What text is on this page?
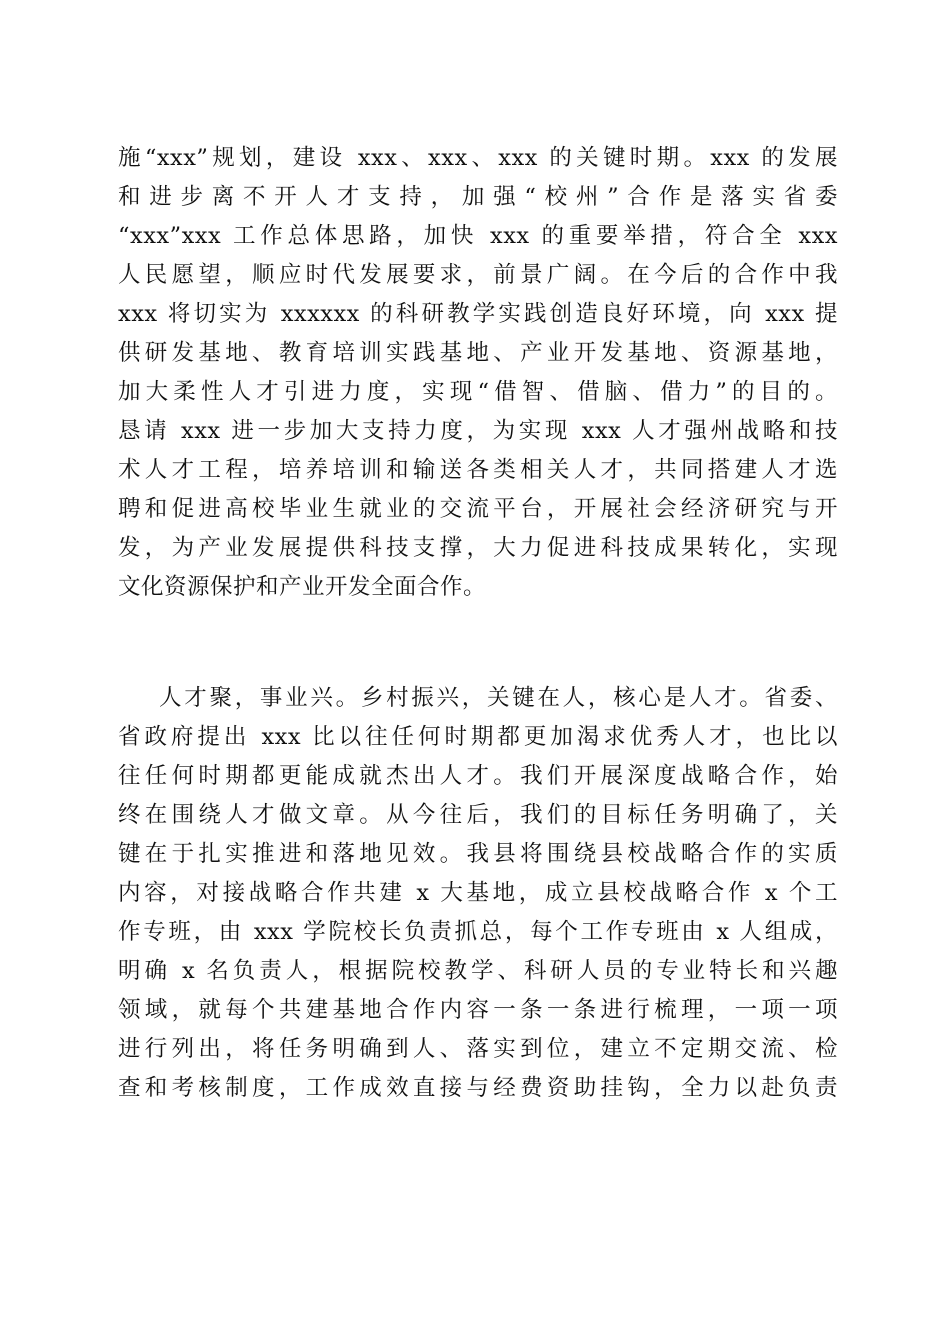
施“xxx”规划，建设 xxx、xxx、xxx 的关键时期。xxx 的发展
和进步离不开人才支持，加强“校州”合作是落实省委
“xxx”xxx 工作总体思路，加快 xxx 的重要举措，符合全 xxx
人民愿望，顺应时代发展要求，前景广阔。在今后的合作中我
xxx 将切实为 xxxxxx 的科研教学实践创造良好环境，向 xxx 提
供研发基地、教育培训实践基地、产业开发基地、资源基地，
加大柔性人才引进力度，实现“借智、借脑、借力”的目的。
恳请 xxx 进一步加大支持力度，为实现 xxx 人才强州战略和技
术人才工程，培养培训和输送各类相关人才，共同搭建人才选
聘和促进高校毕业生就业的交流平台，开展社会经济研究与开
发，为产业发展提供科技支撑，大力促进科技成果转化，实现
文化资源保护和产业开发全面合作。
人才聚，事业兴。乡村振兴，关键在人，核心是人才。省委、
省政府提出 xxx 比以往任何时期都更加渴求优秀人才，也比以
往任何时期都更能成就杰出人才。我们开展深度战略合作，始
终在围绕人才做文章。从今往后，我们的目标任务明确了，关
键在于扎实推进和落地见效。我县将围绕县校战略合作的实质
内容，对接战略合作共建 x 大基地，成立县校战略合作 x 个工
作专班，由 xxx 学院校长负责抓总，每个工作专班由 x 人组成，
明确 x 名负责人，根据院校教学、科研人员的专业特长和兴趣
领域，就每个共建基地合作内容一条一条进行梳理，一项一项
进行列出，将任务明确到人、落实到位，建立不定期交流、检
查和考核制度，工作成效直接与经费资助挂钩，全力以赴负责
